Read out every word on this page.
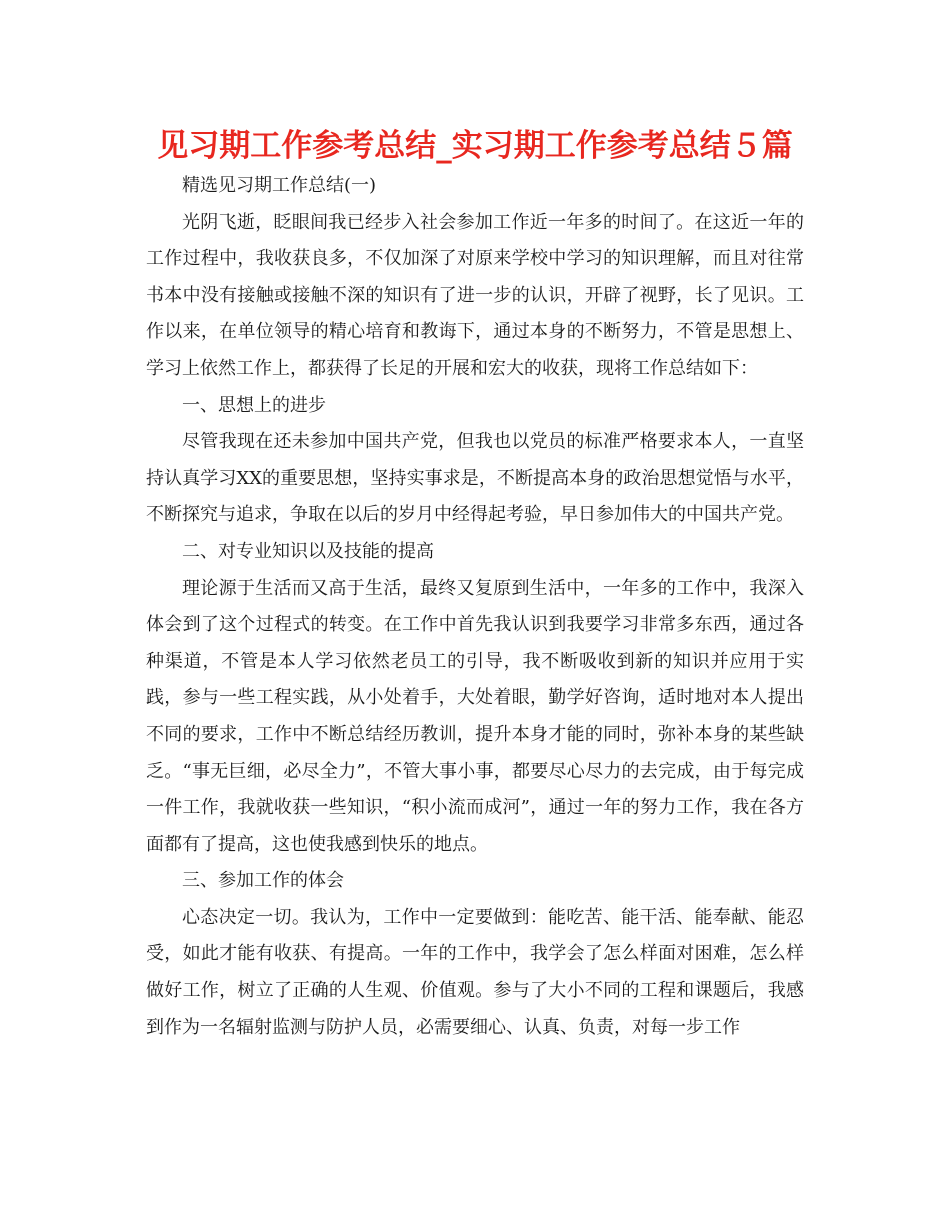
见习期工作参考总结_实习期工作参考总结５篇

精选见习期工作总结(一)

光阴飞逝，眨眼间我已经步入社会参加工作近一年多的时间了。在这近一年的工作过程中，我收获良多，不仅加深了对原来学校中学习的知识理解，而且对往常书本中没有接触或接触不深的知识有了进一步的认识，开辟了视野，长了见识。工作以来，在单位领导的精心培育和教诲下，通过本身的不断努力，不管是思想上、学习上依然工作上，都获得了长足的开展和宏大的收获，现将工作总结如下：

一、思想上的进步

尽管我现在还未参加中国共产党，但我也以党员的标准严格要求本人，一直坚持认真学习XX的重要思想，坚持实事求是，不断提高本身的政治思想觉悟与水平，不断探究与追求，争取在以后的岁月中经得起考验，早日参加伟大的中国共产党。

二、对专业知识以及技能的提高

理论源于生活而又高于生活，最终又复原到生活中，一年多的工作中，我深入体会到了这个过程式的转变。在工作中首先我认识到我要学习非常多东西，通过各种渠道，不管是本人学习依然老员工的引导，我不断吸收到新的知识并应用于实践，参与一些工程实践，从小处着手，大处着眼，勤学好咨询，适时地对本人提出不同的要求，工作中不断总结经历教训，提升本身才能的同时，弥补本身的某些缺乏。“事无巨细，必尽全力”，不管大事小事，都要尽心尽力的去完成，由于每完成一件工作，我就收获一些知识，“积小流而成河”，通过一年的努力工作，我在各方面都有了提高，这也使我感到快乐的地点。

三、参加工作的体会

心态决定一切。我认为，工作中一定要做到：能吃苦、能干活、能奉献、能忍受，如此才能有收获、有提高。一年的工作中，我学会了怎么样面对困难，怎么样做好工作，树立了正确的人生观、价值观。参与了大小不同的工程和课题后，我感到作为一名辐射监测与防护人员，必需要细心、认真、负责，对每一步工作
